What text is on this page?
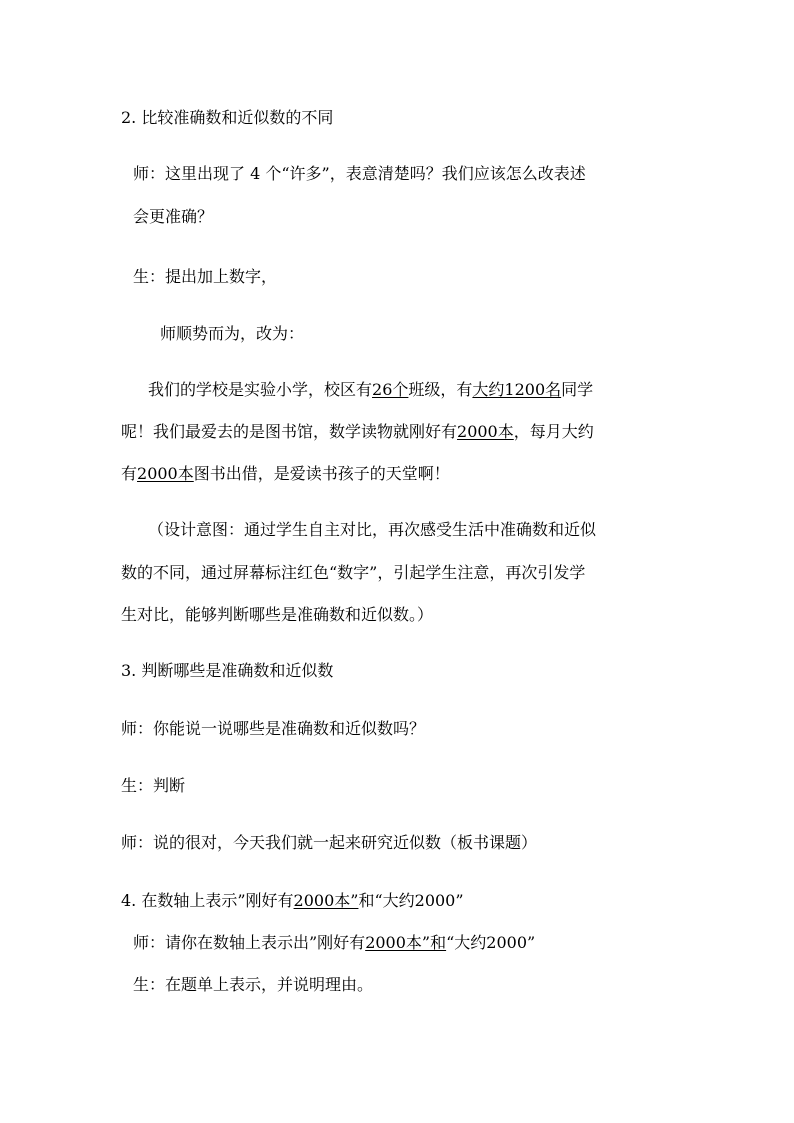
2. 比较准确数和近似数的不同
师：这里出现了 4 个“许多”，表意清楚吗？我们应该怎么改表述
会更准确？
生：提出加上数字，
师顺势而为，改为：
我们的学校是实验小学，校区有26个班级，有大约1200名同学
呢！我们最爱去的是图书馆，数学读物就刚好有2000本，每月大约
有2000本图书出借，是爱读书孩子的天堂啊！
（设计意图：通过学生自主对比，再次感受生活中准确数和近似
数的不同，通过屏幕标注红色“数字”，引起学生注意，再次引发学
生对比，能够判断哪些是准确数和近似数。）
3. 判断哪些是准确数和近似数
师：你能说一说哪些是准确数和近似数吗？
生：判断
师：说的很对，今天我们就一起来研究近似数（板书课题）
4. 在数轴上表示”刚好有2000本”和“大约2000”
师：请你在数轴上表示出”刚好有2000本”和“大约2000”
生：在题单上表示，并说明理由。
